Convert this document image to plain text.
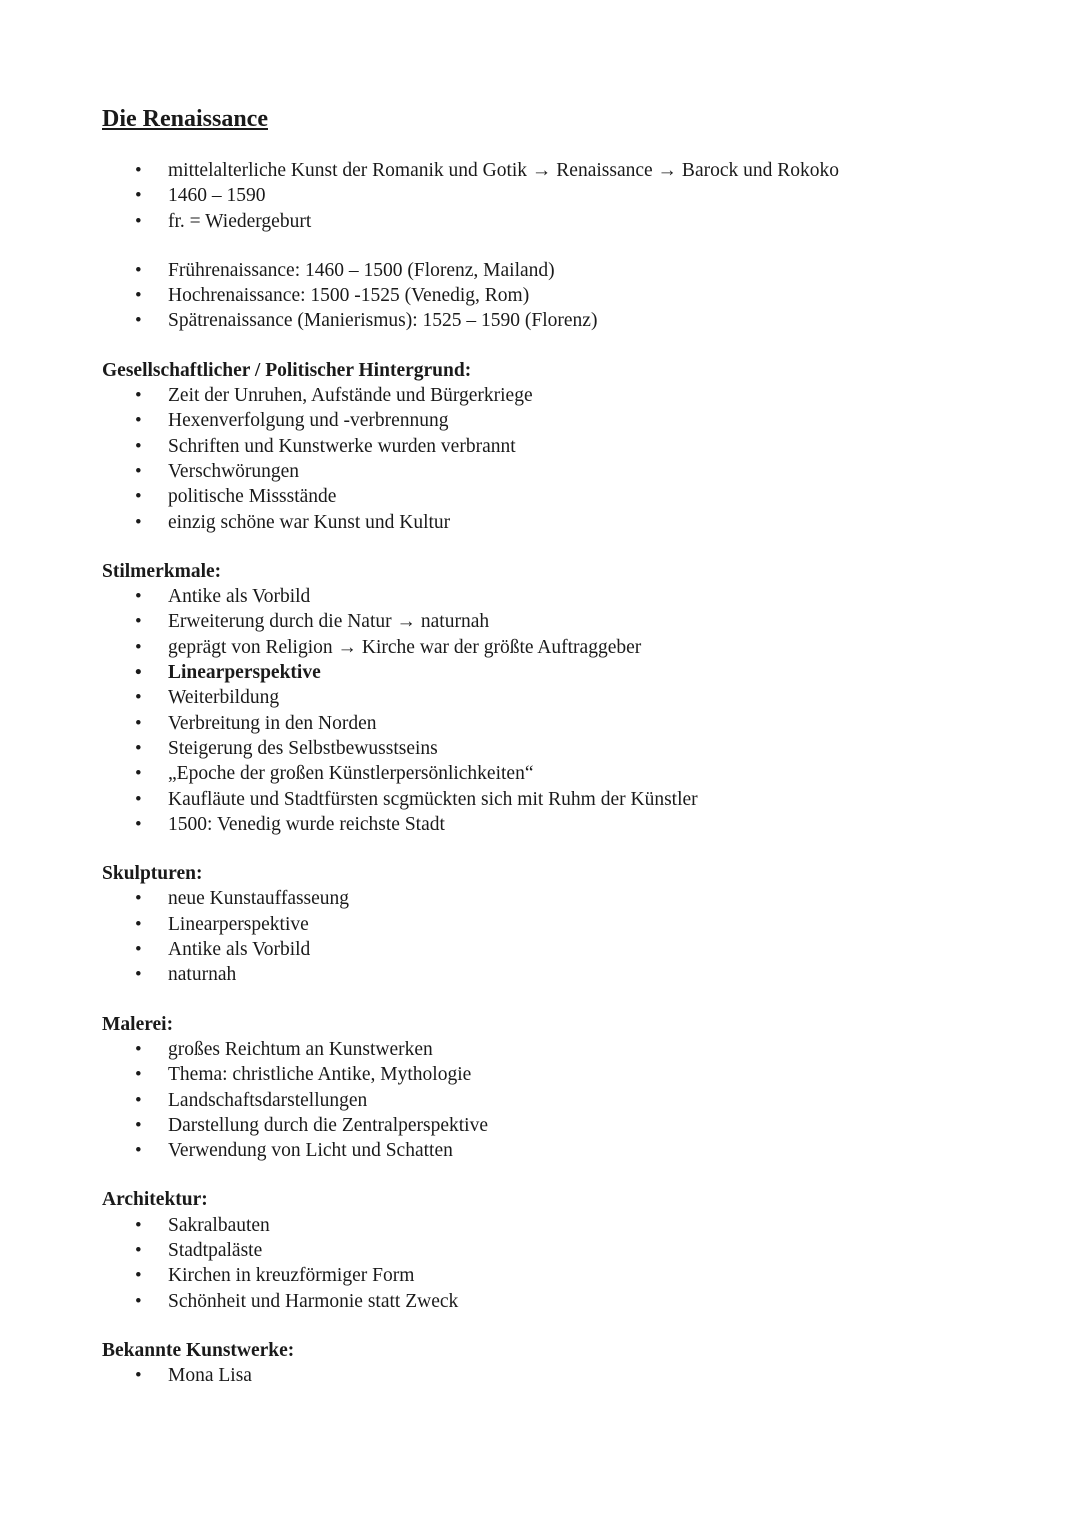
Die Renaissance
• mittelalterliche Kunst der Romanik und Gotik → Renaissance → Barock und Rokoko
• 1460 – 1590
• fr. = Wiedergeburt
• Frührenaissance: 1460 – 1500 (Florenz, Mailand)
• Hochrenaissance: 1500 -1525 (Venedig, Rom)
• Spätrenaissance (Manierismus): 1525 – 1590 (Florenz)

Gesellschaftlicher / Politischer Hintergrund:

• Zeit der Unruhen, Aufstände und Bürgerkriege
• Hexenverfolgung und -verbrennung
• Schriften und Kunstwerke wurden verbrannt
• Verschwörungen
• politische Missstände
• einzig schöne war Kunst und Kultur

Stilmerkmale:

• Antike als Vorbild
• Erweiterung durch die Natur → naturnah
• geprägt von Religion → Kirche war der größte Auftraggeber
• Linearperspektive
• Weiterbildung
• Verbreitung in den Norden
• Steigerung des Selbstbewusstseins
• „Epoche der großen Künstlerpersönlichkeiten“
• Kaufläute und Stadtfürsten scgmückten sich mit Ruhm der Künstler
• 1500: Venedig wurde reichste Stadt

Skulpturen:

• neue Kunstauffasseung
• Linearperspektive
• Antike als Vorbild
• naturnah

Malerei:

• großes Reichtum an Kunstwerken
• Thema: christliche Antike, Mythologie
• Landschaftsdarstellungen
• Darstellung durch die Zentralperspektive
• Verwendung von Licht und Schatten

Architektur:

• Sakralbauten
• Stadtpaläste
• Kirchen in kreuzförmiger Form
• Schönheit und Harmonie statt Zweck

Bekannte Kunstwerke:

• Mona Lisa
